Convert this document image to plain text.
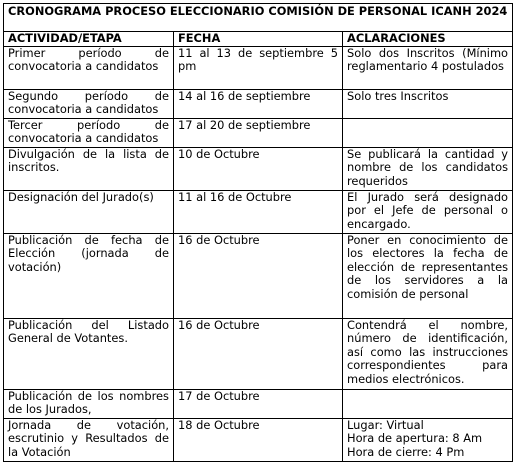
CRONOGRAMA PROCESO ELECCIONARIO COMISIÓN DE PERSONAL ICANH 2024		
ACTIVIDAD/ETAPA	FECHA	ACLARACIONES
Primer período de convocatoria a candidatos	11 al 13 de septiembre 5 pm	Solo dos Inscritos (Mínimo reglamentario 4 postulados
Segundo período de convocatoria a candidatos	14 al 16 de septiembre	Solo tres Inscritos
Tercer período de convocatoria a candidatos	17 al 20 de septiembre	
Divulgación de la lista de inscritos.	10 de Octubre	Se publicará la cantidad y nombre de los candidatos requeridos
Designación del Jurado(s)	11 al 16 de Octubre	El Jurado será designado por el Jefe de personal o encargado.
Publicación de fecha de Elección (jornada de votación)	16 de Octubre	Poner en conocimiento de los electores la fecha de elección de representantes de los servidores a la comisión de personal
Publicación del Listado General de Votantes.	16 de Octubre	Contendrá el nombre, número de identificación, así como las instrucciones correspondientes para medios electrónicos.
Publicación de los nombres de los Jurados,	17 de Octubre	
Jornada de votación, escrutinio y Resultados de la Votación	18 de Octubre	Lugar: Virtual
Hora de apertura: 8 Am
Hora de cierre: 4 Pm
